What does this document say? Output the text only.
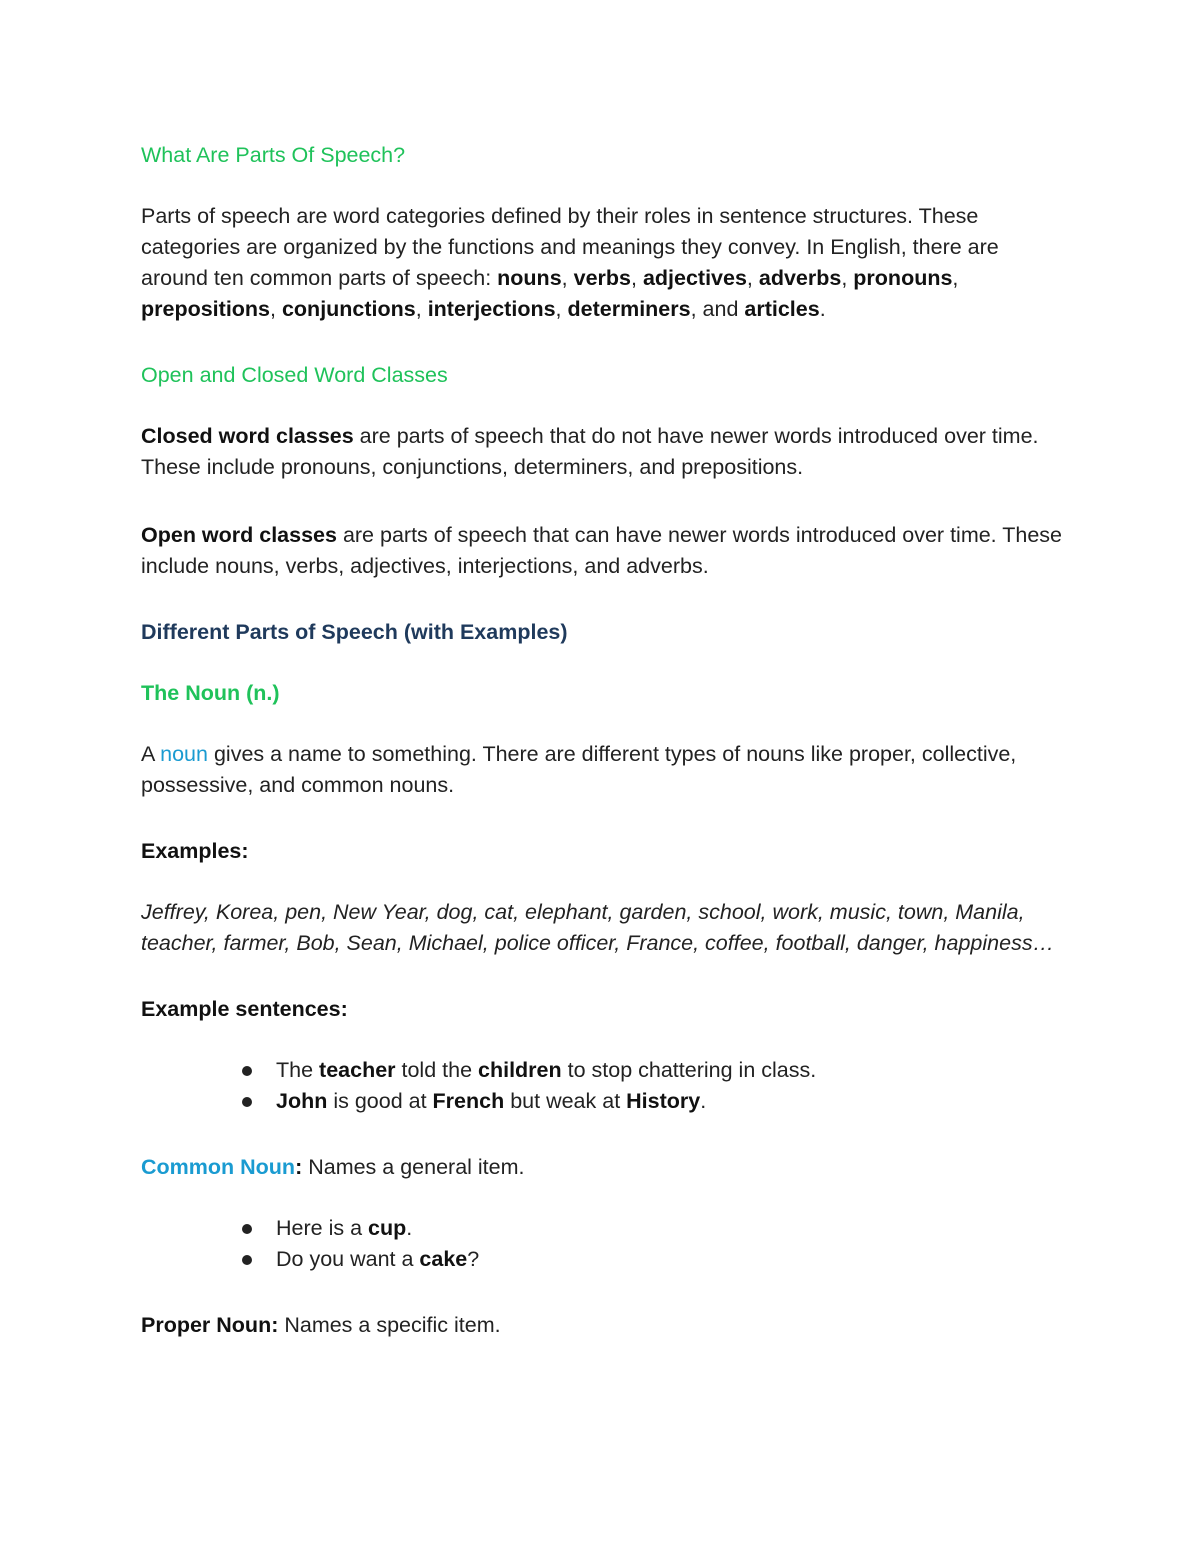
What Are Parts Of Speech?

Parts of speech are word categories defined by their roles in sentence structures. These categories are organized by the functions and meanings they convey. In English, there are around ten common parts of speech: nouns, verbs, adjectives, adverbs, pronouns, prepositions, conjunctions, interjections, determiners, and articles.

Open and Closed Word Classes

Closed word classes are parts of speech that do not have newer words introduced over time. These include pronouns, conjunctions, determiners, and prepositions.

Open word classes are parts of speech that can have newer words introduced over time. These include nouns, verbs, adjectives, interjections, and adverbs.

Different Parts of Speech (with Examples)
The Noun (n.)

A noun gives a name to something. There are different types of nouns like proper, collective, possessive, and common nouns.

Examples:

Jeffrey, Korea, pen, New Year, dog, cat, elephant, garden, school, work, music, town, Manila, teacher, farmer, Bob, Sean, Michael, police officer, France, coffee, football, danger, happiness…

Example sentences:

The teacher told the children to stop chattering in class.
John is good at French but weak at History.

Common Noun: Names a general item.

Here is a cup.
Do you want a cake?

Proper Noun: Names a specific item.
